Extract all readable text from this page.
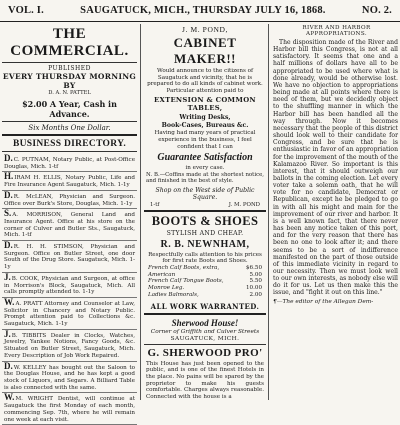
VOL. I.	SAUGATUCK, MICH., THURSDAY JULY 16, 1868.	NO. 2.
THE COMMERCIAL.
PUBLISHED
EVERY THURSDAY MORNING BY
D. A. N. PATTEL
$2.00 A Year, Cash in Advance.
Six Months One Dollar.
BUSINESS DIRECTORY.
D.C. PUTNAM, Notary Public, at Post-Office Douglas, Mich. 1-tf
H.IRAM H. ELLIS, Notary Public, Life and Fire Insurance Agent Saugatuck, Mich. 1-1y
D.R. McLEAN, Physician and Surgeon. Office over Burk's Store, Douglas, Mich. 1-1y
S.A. MORRISON, General Land and Insurance Agent. Office at his store on the corner of Culver and Butler Sts., Saugatuck, Mich. 1-tf
D.R. H. H. STIMSON, Physician and Surgeon. Office on Butler Street, one door South of the Drug Store. Saugatuck, Mich. 1-1y
J.B. COOK, Physician and Surgeon, at office in Morrison's Block, Saugatuck, Mich. All calls promptly attended to. 1-1y
W.A. PRATT Attorney and Counselor at Law, Solicitor in Chancery and Notary Public. Prompt attention paid to Collections &c. Saugatuck, Mich. 1-1y
J.B. TIBBITS Dealer in Clocks, Watches, Jewelry, Yankee Notions, Fancy Goods, &c. Situated on Butler Street, Saugatuck, Mich. Every Description of Job Work Repaired.
D.W. KELLEY has bought out the Saloon to the Douglas House, and he has kept a good stock of Liquors, and Segars. A Billiard Table is also connected with the same.
W.M. WRIGHT Dentist, will continue at Saugatuck the first Monday of each month, commencing Sep. 7th, where he will remain one week at each visit.
J. M. POND,
CABINET MAKER!!
Would announce to the citizens of Saugatuck and vicinity, that he is prepared to do all kinds of cabinet work. Particular attention paid to
EXTENSION & COMMON TABLES,
Writing Desks,
Book-Cases, Bureaus &c.
Having had many years of practical experience in the business, I feel confident that I can
Guarantee Satisfaction
in every case.
N. B.—Coffins made at the shortest notice, and finished in the best of style.
Shop on the West side of Public Square.
1-tf	J. M. POND
BOOTS & SHOES
STYLISH AND CHEAP.
R. B. NEWNHAM,
Respectfully calls attention to his prices for first rate Boots and Shoes.
French Calf Boots, extra,	$6.50
American	5.00
French Calf Tongue Boots,	5.50
Monroe Leg.	10.00
Ladies Balmorals,	2.00
ALL WORK WARRANTED.
Sherwood House!
Corner of Griffith and Culver Streets
SAUGATUCK, MICH.
G. SHERWOOD PRO'
This House has just been opened to the public, and is one of the finest Hotels in the place. No pains will be spared by the proprietor to make his guests comfortable. Charges always reasonable. Connected with the house is a
RIVER AND HARBOR APPROPRIATIONS.

The disposition made of the River and Harbor bill this Congress, is not at all satisfactory. It seems that one and a half millions of dollars have all to be appropriated to be used where what is done already, would be otherwise lost. We have no objection to appropriations being made at all points where there is need of them, but we decidedly object to the shuffling manner in which the Harbor bill has been handled all the way through. Now it becomes necessary that the people of this district should look well to their candidate for Congress, and be sure that he is enthusiastic in favor of an appropriation for the improvement of the mouth of the Kalamazoo River. So important is this interest, that it should outweigh our ballots in the coming election. Let every voter take a solemn oath, that he will vote for no candidate, Democrat or Republican, except he be pledged to go in with all his might and main for the improvement of our river and harbor. It is a well known fact, that there never has been any notice taken of this port, and for the very reason that there has been no one to look after it; and there seems to be a sort of indifference manifested on the part of those outside of this immediate vicinity in regard to our necessity. Then we must look well to our own interests, as nobody else will do it for us. Let us then make this the issue, and "fight it out on this line."

¶—The editor of the Allegan Dem-
